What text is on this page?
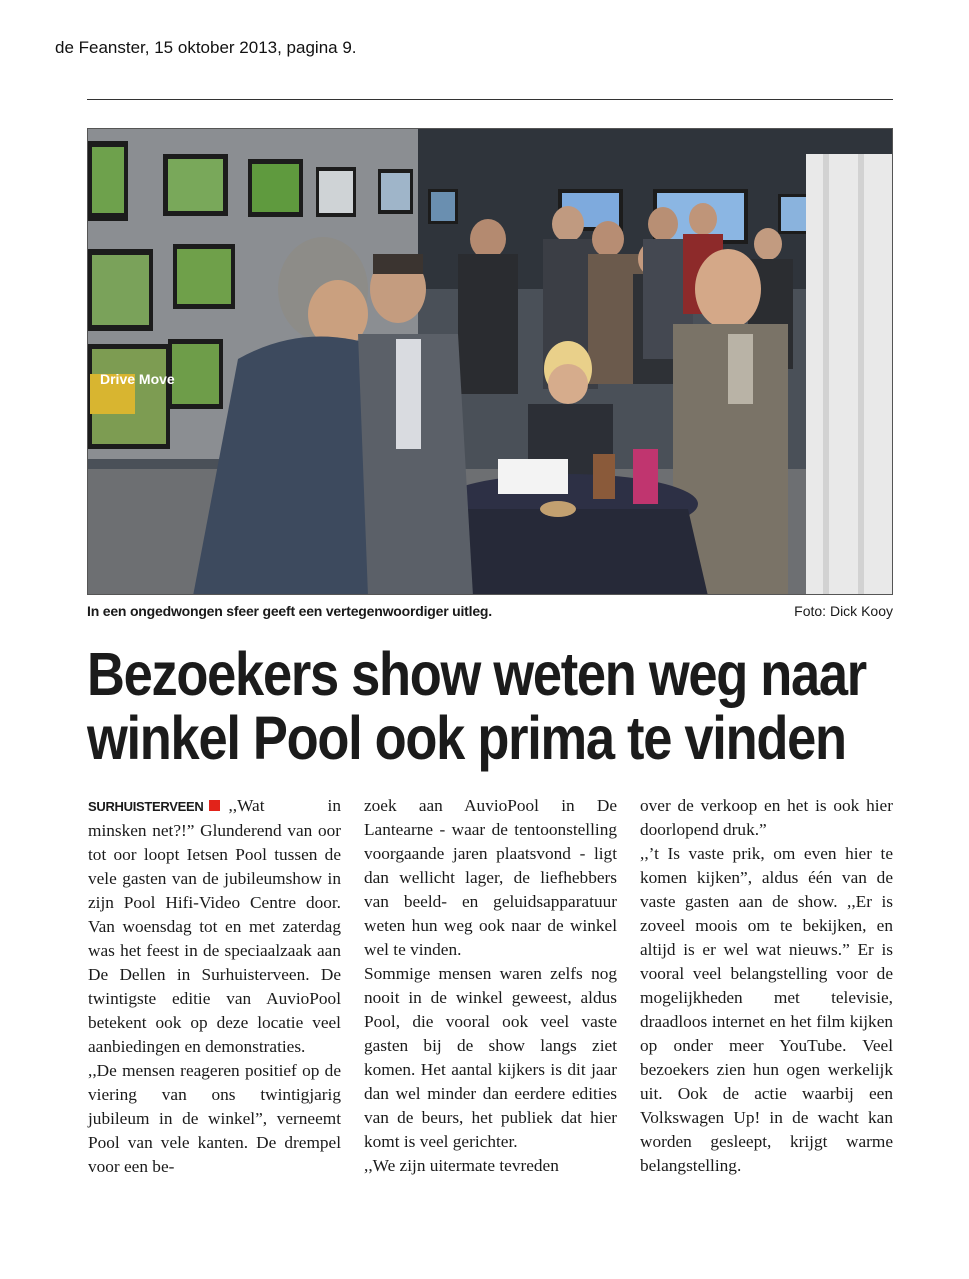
de Feanster, 15 oktober 2013, pagina 9.
Drive Move
In een ongedwongen sfeer geeft een vertegenwoordiger uitleg.	Foto: Dick Kooy
Bezoekers show weten weg naar
winkel Pool ook prima te vinden

SURHUISTERVEEN ,,Wat in minsken net?!” Glunderend van oor tot oor loopt Ietsen Pool tussen de vele gasten van de jubileumshow in zijn Pool Hifi-Video Centre door. Van woensdag tot en met zaterdag was het feest in de speciaalzaak aan De Dellen in Surhuisterveen. De twintigste editie van AuvioPool betekent ook op deze locatie veel aanbiedingen en demonstraties.

,,De mensen reageren positief op de viering van ons twintigjarig jubileum in de winkel”, verneemt Pool van vele kanten. De drempel voor een be-

zoek aan AuvioPool in De Lantearne - waar de tentoonstelling voorgaande jaren plaatsvond - ligt dan wellicht lager, de liefhebbers van beeld- en geluidsapparatuur weten hun weg ook naar de winkel wel te vinden.

Sommige mensen waren zelfs nog nooit in de winkel geweest, aldus Pool, die vooral ook veel vaste gasten bij de show langs ziet komen. Het aantal kijkers is dit jaar dan wel minder dan eerdere edities van de beurs, het publiek dat hier komt is veel gerichter.

,,We zijn uitermate tevreden

over de verkoop en het is ook hier doorlopend druk.”

,,’t Is vaste prik, om even hier te komen kijken”, aldus één van de vaste gasten aan de show. ,,Er is zoveel moois om te bekijken, en altijd is er wel wat nieuws.” Er is vooral veel belangstelling voor de mogelijkheden met televisie, draadloos internet en het film kijken op onder meer YouTube. Veel bezoekers zien hun ogen werkelijk uit. Ook de actie waarbij een Volkswagen Up! in de wacht kan worden gesleept, krijgt warme belangstelling.
